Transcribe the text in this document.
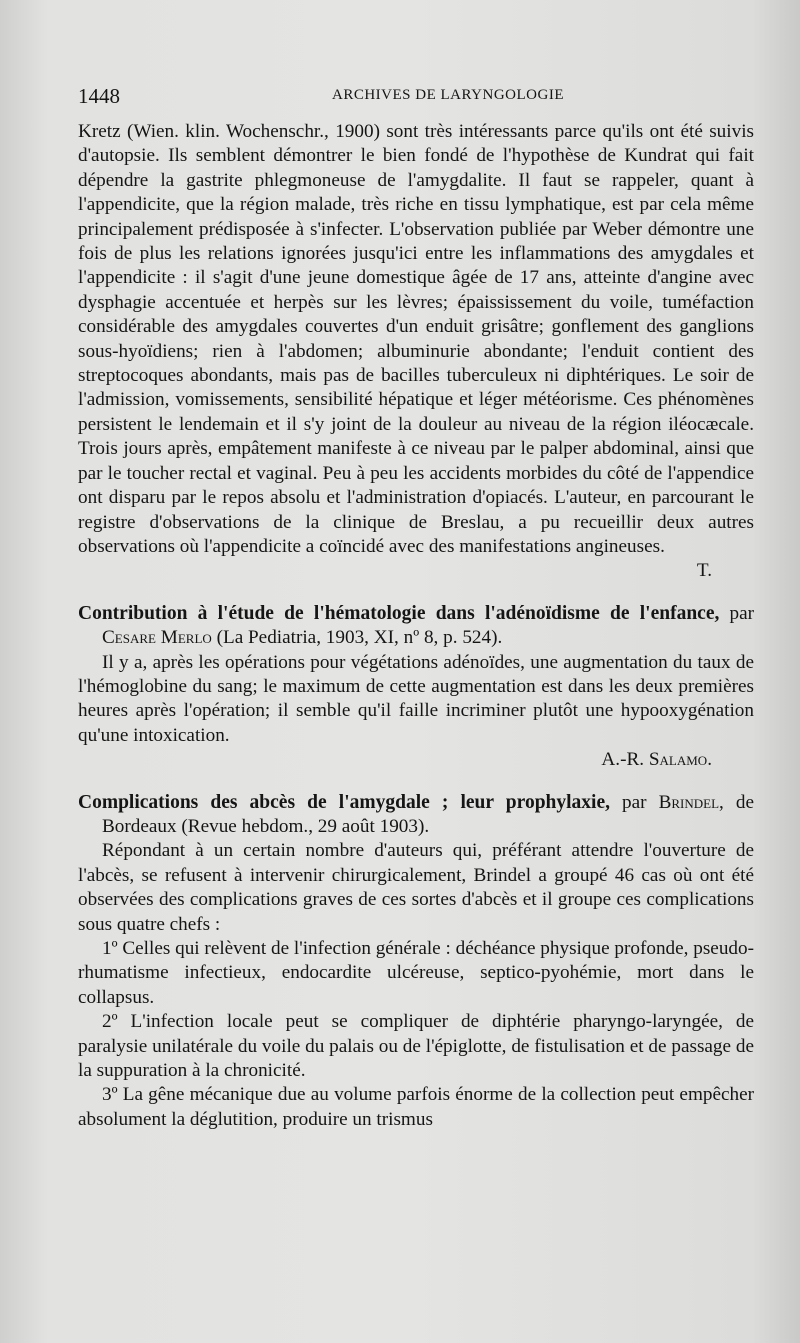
1448	ARCHIVES DE LARYNGOLOGIE

Kretz (Wien. klin. Wochenschr., 1900) sont très intéressants parce qu'ils ont été suivis d'autopsie. Ils semblent démontrer le bien fondé de l'hypothèse de Kundrat qui fait dépendre la gastrite phlegmoneuse de l'amygdalite. Il faut se rappeler, quant à l'appendicite, que la région malade, très riche en tissu lymphatique, est par cela même principalement prédisposée à s'infecter. L'observation publiée par Weber démontre une fois de plus les relations ignorées jusqu'ici entre les inflammations des amygdales et l'appendicite : il s'agit d'une jeune domestique âgée de 17 ans, atteinte d'angine avec dysphagie accentuée et herpès sur les lèvres; épaississement du voile, tuméfaction considérable des amygdales couvertes d'un enduit grisâtre; gonflement des ganglions sous-hyoïdiens; rien à l'abdomen; albuminurie abondante; l'enduit contient des streptocoques abondants, mais pas de bacilles tuberculeux ni diphtériques. Le soir de l'admission, vomissements, sensibilité hépatique et léger météorisme. Ces phénomènes persistent le lendemain et il s'y joint de la douleur au niveau de la région iléocæcale. Trois jours après, empâtement manifeste à ce niveau par le palper abdominal, ainsi que par le toucher rectal et vaginal. Peu à peu les accidents morbides du côté de l'appendice ont disparu par le repos absolu et l'administration d'opiacés. L'auteur, en parcourant le registre d'observations de la clinique de Breslau, a pu recueillir deux autres observations où l'appendicite a coïncidé avec des manifestations angineuses.

T.

Contribution à l'étude de l'hématologie dans l'adénoïdisme de l'enfance, par Cesare Merlo (La Pediatria, 1903, XI, nº 8, p. 524).

Il y a, après les opérations pour végétations adénoïdes, une augmentation du taux de l'hémoglobine du sang; le maximum de cette augmentation est dans les deux premières heures après l'opération; il semble qu'il faille incriminer plutôt une hypooxygénation qu'une intoxication.

A.-R. Salamo.

Complications des abcès de l'amygdale ; leur prophylaxie, par Brindel, de Bordeaux (Revue hebdom., 29 août 1903).

Répondant à un certain nombre d'auteurs qui, préférant attendre l'ouverture de l'abcès, se refusent à intervenir chirurgicalement, Brindel a groupé 46 cas où ont été observées des complications graves de ces sortes d'abcès et il groupe ces complications sous quatre chefs :

1º Celles qui relèvent de l'infection générale : déchéance physique profonde, pseudo-rhumatisme infectieux, endocardite ulcéreuse, septico-pyohémie, mort dans le collapsus.

2º L'infection locale peut se compliquer de diphtérie pharyngo-laryngée, de paralysie unilatérale du voile du palais ou de l'épiglotte, de fistulisation et de passage de la suppuration à la chronicité.

3º La gêne mécanique due au volume parfois énorme de la collection peut empêcher absolument la déglutition, produire un trismus
